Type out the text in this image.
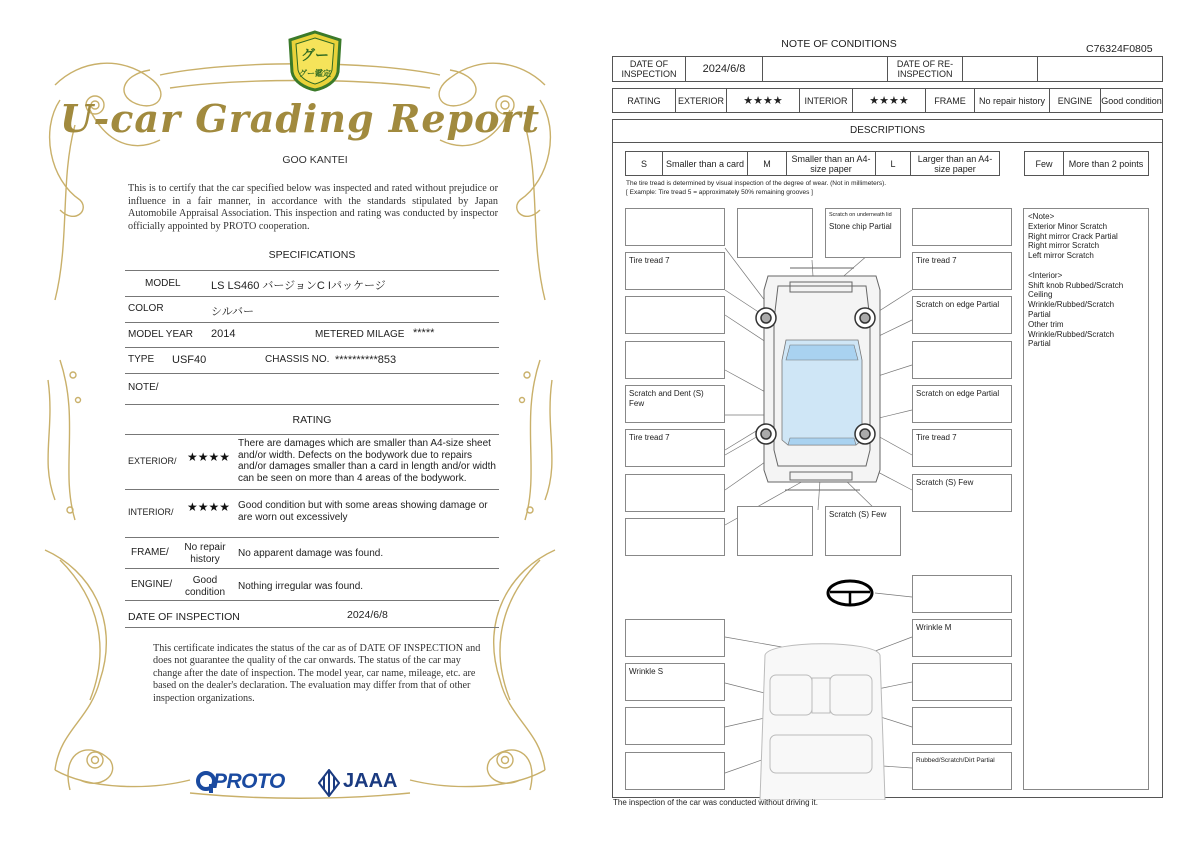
グー
グー鑑定
U-car Grading Report
GOO KANTEI
This is to certify that the car specified below was inspected and rated without prejudice or influence in a fair manner, in accordance with the standards stipulated by Japan Automobile Appraisal Association. This inspection and rating was conducted by inspector officially appointed by PROTO cooperation.
SPECIFICATIONS
MODEL	LS LS460 バージョンC Iパッケージ
COLOR	シルバー
MODEL YEAR 2014	METERED MILAGE *****
TYPE USF40	CHASSIS NO. **********853
NOTE/
RATING
EXTERIOR/ ★★★★
There are damages which are smaller than A4-size sheet and/or width. Defects on the bodywork due to repairs and/or damages smaller than a card in length and/or width can be seen on more than 4 areas of the bodywork.
INTERIOR/ ★★★★ Good condition but with some areas showing damage or are worn out excessively
FRAME/	No repair history	No apparent damage was found.
ENGINE/	Good condition	Nothing irregular was found.
DATE OF INSPECTION	2024/6/8
This certificate indicates the status of the car as of DATE OF INSPECTION and does not guarantee the quality of the car onwards. The status of the car may change after the date of inspection. The model year, car name, mileage, etc. are based on the dealer's declaration. The evaluation may differ from that of other inspection organizations.
PROTO	JAAA
NOTE OF CONDITIONS	C76324F0805
DATE OF INSPECTION	2024/6/8	DATE OF RE-INSPECTION
RATING	EXTERIOR	★★★★	INTERIOR	★★★★	FRAME	No repair history	ENGINE Good condition
DESCRIPTIONS
S	Smaller than a card	M	Smaller than an A4-size paper	L	Larger than an A4-size paper	Few	More than 2 points
The tire tread is determined by visual inspection of the degree of wear. (Not in millimeters).
[ Example: Tire tread 5 = approximately 50% remaining grooves ]
Tire tread 7
Scratch and Dent (S) Few
Tire tread 7
Wrinkle S
Scratch on underneath lid
Stone chip Partial
Scratch (S) Few
Tire tread 7
Scratch on edge Partial
Scratch on edge Partial
Tire tread 7
Scratch (S) Few
Wrinkle M
Rubbed/Scratch/Dirt Partial
<Note>
Exterior Minor Scratch
Right mirror Crack Partial
Right mirror Scratch
Left mirror Scratch

<Interior>
Shift knob Rubbed/Scratch
Ceiling
Wrinkle/Rubbed/Scratch
Partial
Other trim
Wrinkle/Rubbed/Scratch
Partial
The inspection of the car was conducted without driving it.
